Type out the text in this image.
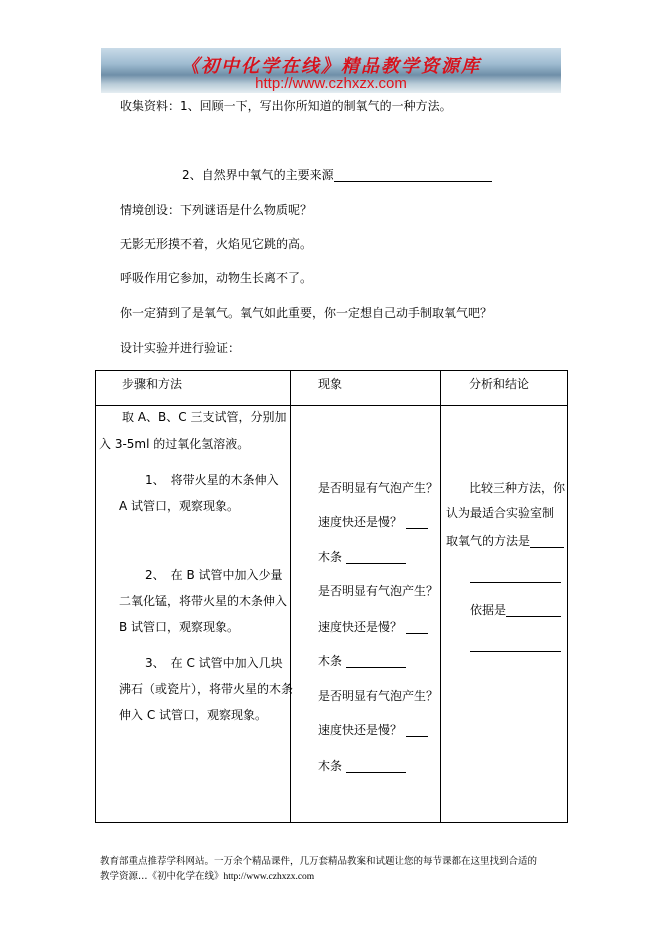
《初中化学在线》精品教学资源库
http://www.czhxzx.com
收集资料：1、回顾一下，写出你所知道的制氧气的一种方法。
2、自然界中氧气的主要来源
情境创设：下列谜语是什么物质呢？
无影无形摸不着，火焰见它跳的高。
呼吸作用它参加，动物生长离不了。
你一定猜到了是氧气。氧气如此重要，你一定想自己动手制取氧气吧？
设计实验并进行验证：
步骤和方法	现象	分析和结论
取 A、B、C 三支试管，分别加
入 3-5ml 的过氧化氢溶液。
1、　将带火星的木条伸入
A 试管口，观察现象。
2、　在 B 试管中加入少量
二氧化锰，将带火星的木条伸入
B 试管口，观察现象。
3、　在 C 试管中加入几块
沸石（或瓷片），将带火星的木条
伸入 C 试管口，观察现象。
是否明显有气泡产生？
速度快还是慢？
木条
是否明显有气泡产生？
速度快还是慢？
木条
是否明显有气泡产生？
速度快还是慢？
木条
比较三种方法，你
认为最适合实验室制
取氧气的方法是
依据是
教育部重点推荐学科网站。一万余个精品课件，几万套精品教案和试题让您的每节课都在这里找到合适的
教学资源…《初中化学在线》http://www.czhxzx.com
